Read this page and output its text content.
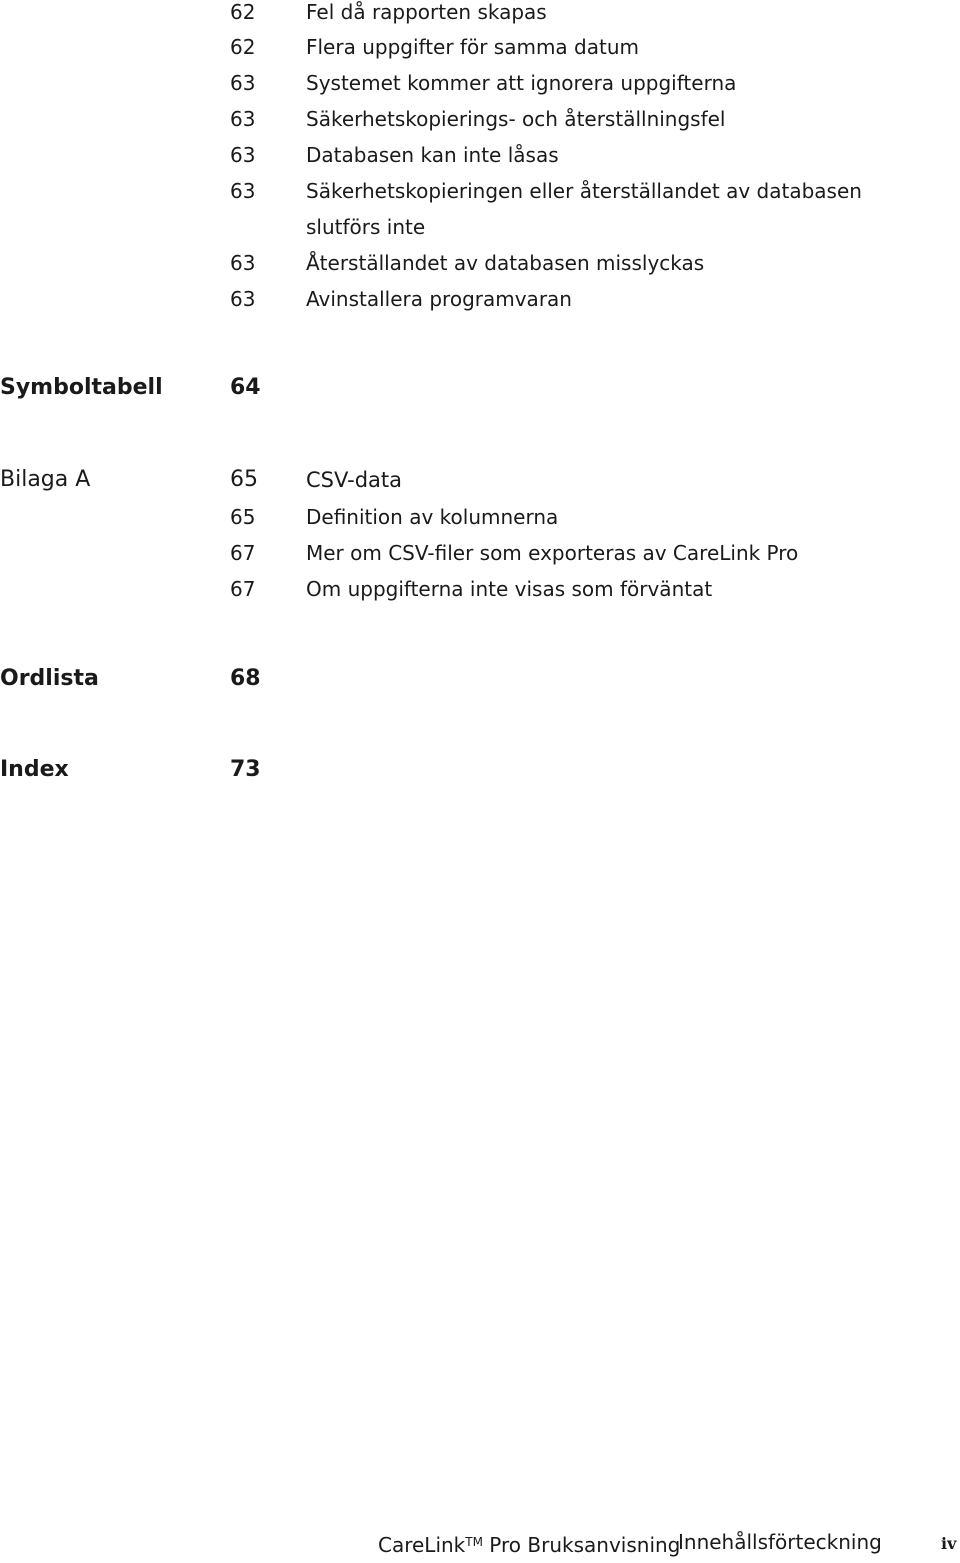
62	Fel då rapporten skapas
62	Flera uppgifter för samma datum
63	Systemet kommer att ignorera uppgifterna
63	Säkerhetskopierings- och återställningsfel
63	Databasen kan inte låsas
63	Säkerhetskopieringen eller återställandet av databasen slutförs inte
63	Återställandet av databasen misslyckas
63	Avinstallera programvaran
Symboltabell	64
Bilaga A	65 CSV-data
65	Definition av kolumnerna
67	Mer om CSV-filer som exporteras av CareLink Pro
67	Om uppgifterna inte visas som förväntat
Ordlista	68
Index	73
CareLink™ Pro Bruksanvisning
Innehållsförteckning	iv
